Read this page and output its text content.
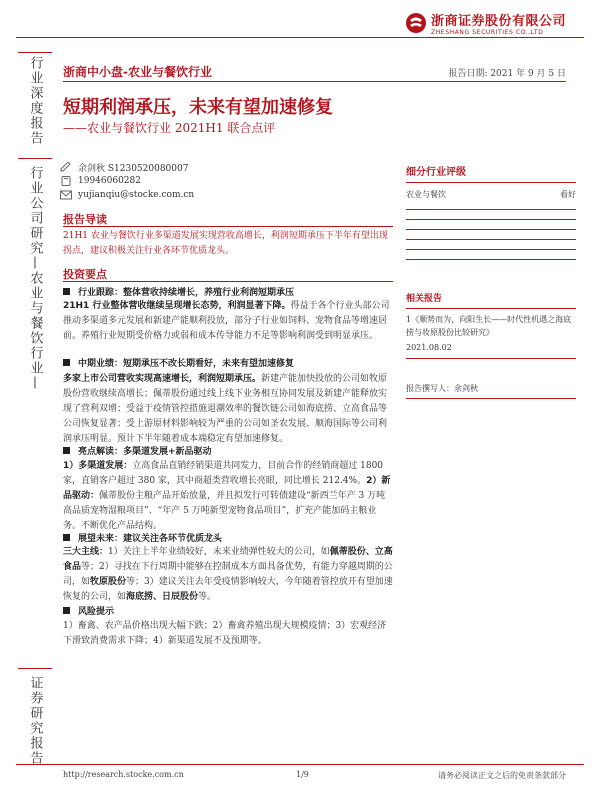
浙商证券股份有限公司
ZHESHANG SECURITIES CO.,LTD
行业深度报告
行业公司研究—农业与餐饮行业—
证券研究报告
浙商中小盘-农业与餐饮行业	报告日期: 2021 年 9 月 5 日
短期利润承压，未来有望加速修复
——农业与餐饮行业 2021H1 联合点评
余剑秋 S1230520080007
19946060282
yujianqiu@stocke.com.cn
细分行业评级
农业与餐饮	看好
相关报告
1《顺势而为，向阳生长——时代性机遇之海底捞与妆原股份比较研究》
2021.08.02
报告撰写人：余剑秋
报告导读
21H1 农业与餐饮行业多渠道发展实现营收高增长，利润短期承压下半年有望出现拐点，建议积极关注行业各环节优质龙头。
投资要点
行业跟踪：整体营收持续增长，养殖行业利润短期承压
21H1 行业整体营收继续呈现增长态势，利润显著下降。得益于各个行业头部公司推动多渠道多元发展和新建产能顺利投放，部分子行业如饲料、宠物食品等增速居前。养殖行业短期受价格力或弱和成本传导能力不足等影响利润受到明显承压。
中期业绩：短期承压不改长期看好，未来有望加速修复
多家上市公司营收实现高速增长，利润短期承压。新建产能加快投放的公司如牧原股份营收继续高增长；佩蒂股份通过线上线下业务相互协同发展及新建产能释放实现了营利双增；受益于疫情管控措施退潮效率的餐饮链公司如海底捞、立高食品等公司恢复显著；受上游原材料影响较为严重的公司如圣农发展、顺海国际等公司利润承压明显。预计下半年随着成本端稳定有望加速修复。
亮点解读：多渠道发展+新品驱动
1）多渠道发展：立高食品直销经销渠道共同发力，目前合作的经销商超过 1800 家，直销客户超过 380 家，其中商超类营收增长亮眼，同比增长 212.4%。2）新品驱动：佩蒂股份主粮产品开始放量，并且拟发行可转债建设“新西兰年产 3 万吨高品质宠物湿粮项目”、“年产 5 万吨新型宠物食品项目”，扩充产能加码主粮业务。不断优化产品结构。
展望未来：建议关注各环节优质龙头
三大主线：1）关注上半年业绩较好，未来业绩弹性较大的公司，如佩蒂股份、立高食品等；2）寻找在下行周期中能够在控制成本方面具备优势，有能力穿越周期的公司，如牧原股份等；3）建议关注去年受疫情影响较大，今年随着管控放开有望加速恢复的公司，如海底捞、日辰股份等。
风险提示
1）畜禽、农产品价格出现大幅下跌；2）畜禽养殖出现大规模疫情；3）宏观经济下滑致消费需求下降；4）新渠道发展不及预期等。
http://research.stocke.com.cn	1/9	请务必阅读正文之后的免责条款部分
